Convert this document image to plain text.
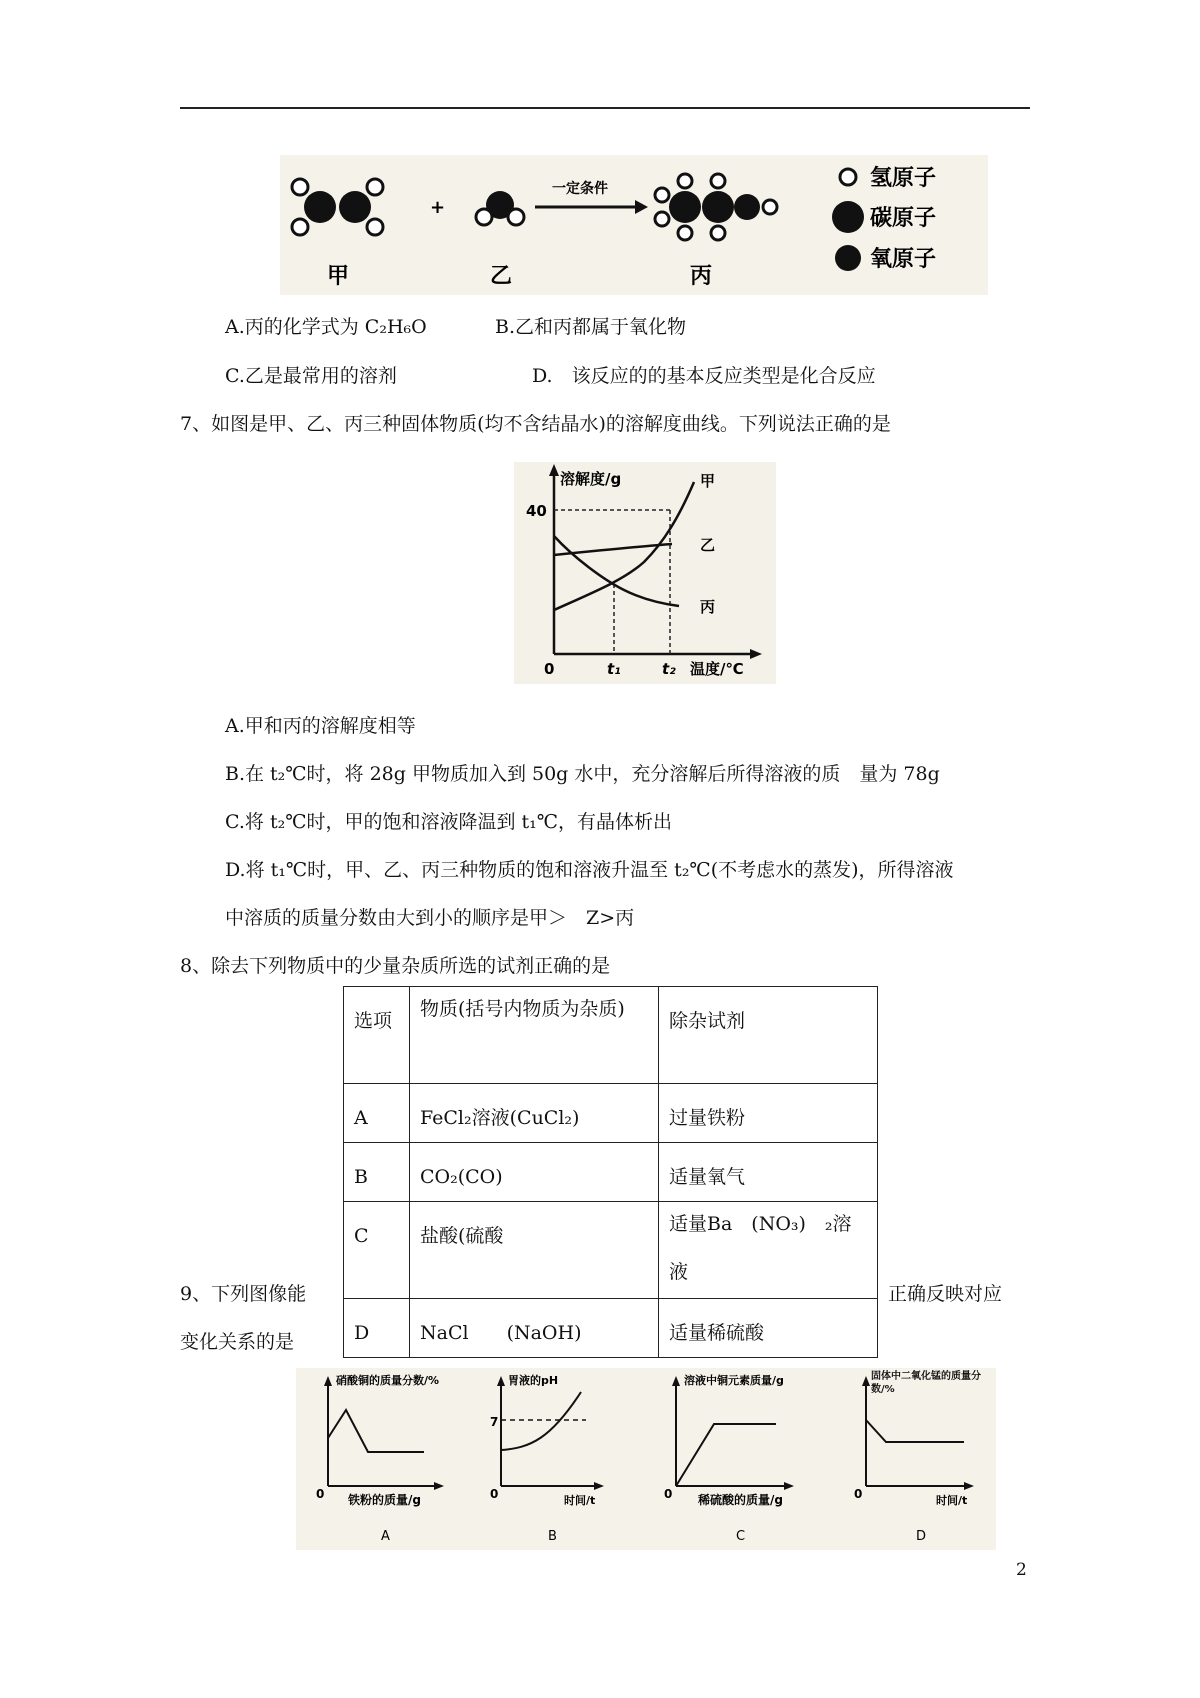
+
一定条件
甲	乙	丙
氢原子
碳原子
氧原子
A.丙的化学式为 C₂H₆O	B.乙和丙都属于氧化物
C.乙是最常用的溶剂	D.　该反应的的基本反应类型是化合反应
7、如图是甲、乙、丙三种固体物质(均不含结晶水)的溶解度曲线。下列说法正确的是
溶解度/g
40
0	t₁	t₂ 温度/℃
甲
乙
丙
A.甲和丙的溶解度相等
B.在 t₂℃时，将 28g 甲物质加入到 50g 水中，充分溶解后所得溶液的质　量为 78g
C.将 t₂℃时，甲的饱和溶液降温到 t₁℃，有晶体析出
D.将 t₁℃时，甲、乙、丙三种物质的饱和溶液升温至 t₂℃(不考虑水的蒸发)，所得溶液
中溶质的质量分数由大到小的顺序是甲＞　Z>丙
8、除去下列物质中的少量杂质所选的试剂正确的是
选项	物质(括号内物质为杂质)	除杂试剂
A	FeCl₂溶液(CuCl₂)	过量铁粉
B	CO₂(CO)	适量氧气
C	盐酸(硫酸	适量Ba　(NO₃)　₂溶液

D	NaCl　　(NaOH)	适量稀硫酸
9、下列图像能	正确反映对应
变化关系的是
硝酸铜的质量分数/%
0 铁粉的质量/g
A
胃液的pH
7
0	时间/t
B
溶液中铜元素质量/g
0 稀硫酸的质量/g
C
固体中二氧化锰的质量分数/%
0	时间/t
D
2
